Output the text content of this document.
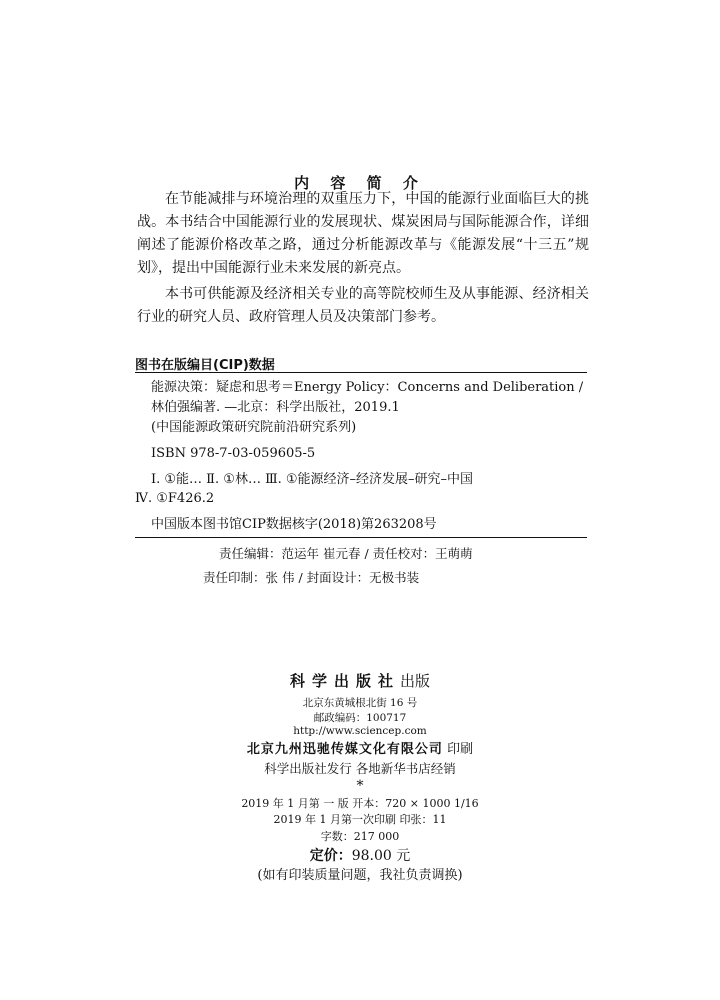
内 容 简 介
在节能减排与环境治理的双重压力下，中国的能源行业面临巨大的挑战。本书结合中国能源行业的发展现状、煤炭困局与国际能源合作，详细阐述了能源价格改革之路，通过分析能源改革与《能源发展“十三五”规划》，提出中国能源行业未来发展的新亮点。
本书可供能源及经济相关专业的高等院校师生及从事能源、经济相关行业的研究人员、政府管理人员及决策部门参考。
图书在版编目(CIP)数据
能源决策：疑虑和思考＝Energy Policy：Concerns and Deliberation / 林伯强编著. —北京：科学出版社，2019.1
(中国能源政策研究院前沿研究系列)
ISBN 978-7-03-059605-5
Ⅰ. ①能… Ⅱ. ①林… Ⅲ. ①能源经济–经济发展–研究–中国
Ⅳ. ①F426.2
中国版本图书馆CIP数据核字(2018)第263208号
责任编辑：范运年 崔元春 / 责任校对：王萌萌
责任印制：张 伟 / 封面设计：无极书装
科学出版社出版
北京东黄城根北街 16 号
邮政编码：100717
http://www.sciencep.com
北京九州迅驰传媒文化有限公司 印刷
科学出版社发行 各地新华书店经销
*
2019 年 1 月第 一 版 开本：720 × 1000 1/16
2019 年 1 月第一次印刷 印张：11
字数：217 000
定价：98.00 元
(如有印装质量问题，我社负责调换)
